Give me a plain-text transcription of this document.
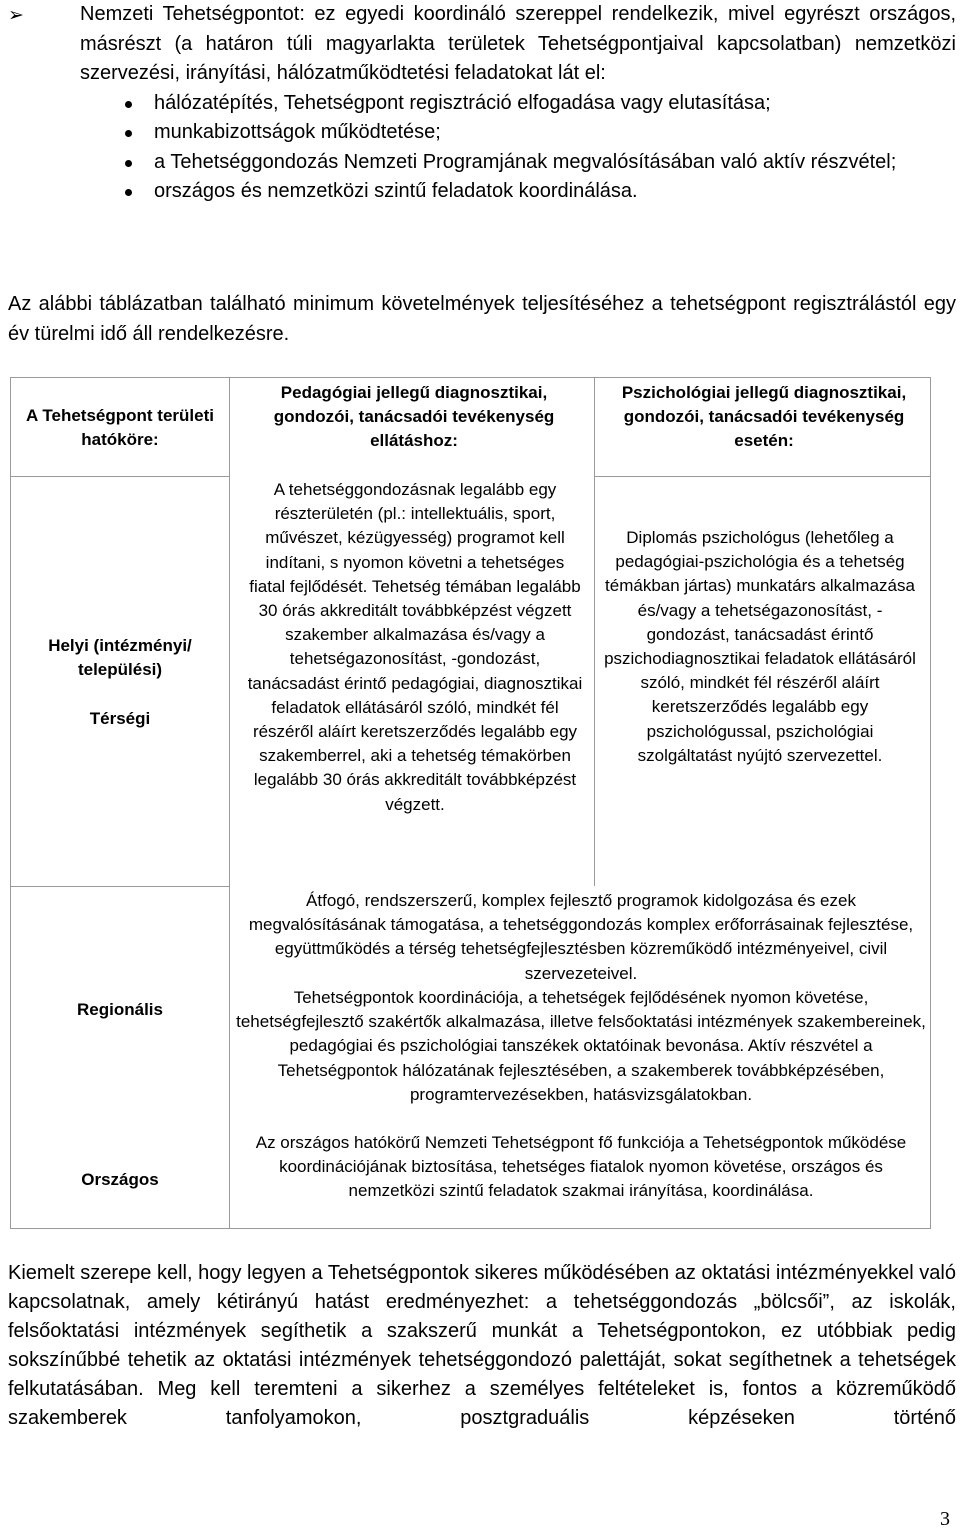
➢	Nemzeti Tehetségpontot: ez egyedi koordináló szereppel rendelkezik, mivel egyrészt országos, másrészt (a határon túli magyarlakta területek Tehetségpontjaival kapcsolatban) nemzetközi szervezési, irányítási, hálózatműködtetési feladatokat lát el:

hálózatépítés, Tehetségpont regisztráció elfogadása vagy elutasítása;
munkabizottságok működtetése;
a Tehetséggondozás Nemzeti Programjának megvalósításában való aktív részvétel;
országos és nemzetközi szintű feladatok koordinálása.

Az alábbi táblázatban található minimum követelmények teljesítéséhez a tehetségpont regisztrálástól egy év türelmi idő áll rendelkezésre.

A Tehetségpont területi hatóköre:
Pedagógiai jellegű diagnosztikai, gondozói, tanácsadói tevékenység ellátáshoz:
Pszichológiai jellegű diagnosztikai, gondozói, tanácsadói tevékenység esetén:
Helyi (intézményi/ települési)
Térségi
Regionális
Országos
A tehetséggondozásnak legalább egy részterületén (pl.: intellektuális, sport, művészet, kézügyesség) programot kell indítani, s nyomon követni a tehetséges fiatal fejlődését. Tehetség témában legalább 30 órás akkreditált továbbképzést végzett szakember alkalmazása és/vagy a tehetségazonosítást, -gondozást, tanácsadást érintő pedagógiai, diagnosztikai feladatok ellátásáról szóló, mindkét fél részéről aláírt keretszerződés legalább egy szakemberrel, aki a tehetség témakörben legalább 30 órás akkreditált továbbképzést végzett.
Diplomás pszichológus (lehetőleg a pedagógiai-pszichológia és a tehetség témákban jártas) munkatárs alkalmazása és/vagy a tehetségazonosítást, -gondozást, tanácsadást érintő pszichodiagnosztikai feladatok ellátásáról szóló, mindkét fél részéről aláírt keretszerződés legalább egy pszichológussal, pszichológiai szolgáltatást nyújtó szervezettel.
Átfogó, rendszerszerű, komplex fejlesztő programok kidolgozása és ezek megvalósításának támogatása, a tehetséggondozás komplex erőforrásainak fejlesztése, együttműködés a térség tehetségfejlesztésben közreműködő intézményeivel, civil szervezeteivel.
Tehetségpontok koordinációja, a tehetségek fejlődésének nyomon követése, tehetségfejlesztő szakértők alkalmazása, illetve felsőoktatási intézmények szakembereinek, pedagógiai és pszichológiai tanszékek oktatóinak bevonása. Aktív részvétel a Tehetségpontok hálózatának fejlesztésében, a szakemberek továbbképzésében, programtervezésekben, hatásvizsgálatokban.
Az országos hatókörű Nemzeti Tehetségpont fő funkciója a Tehetségpontok működése koordinációjának biztosítása, tehetséges fiatalok nyomon követése, országos és nemzetközi szintű feladatok szakmai irányítása, koordinálása.

Kiemelt szerepe kell, hogy legyen a Tehetségpontok sikeres működésében az oktatási intézményekkel való kapcsolatnak, amely kétirányú hatást eredményezhet: a tehetséggondozás „bölcsői”, az iskolák, felsőoktatási intézmények segíthetik a szakszerű munkát a Tehetségpontokon, ez utóbbiak pedig sokszínűbbé tehetik az oktatási intézmények tehetséggondozó palettáját, sokat segíthetnek a tehetségek felkutatásában. Meg kell teremteni a sikerhez a személyes feltételeket is, fontos a közreműködő szakemberek tanfolyamokon, posztgraduális képzéseken történő

3
